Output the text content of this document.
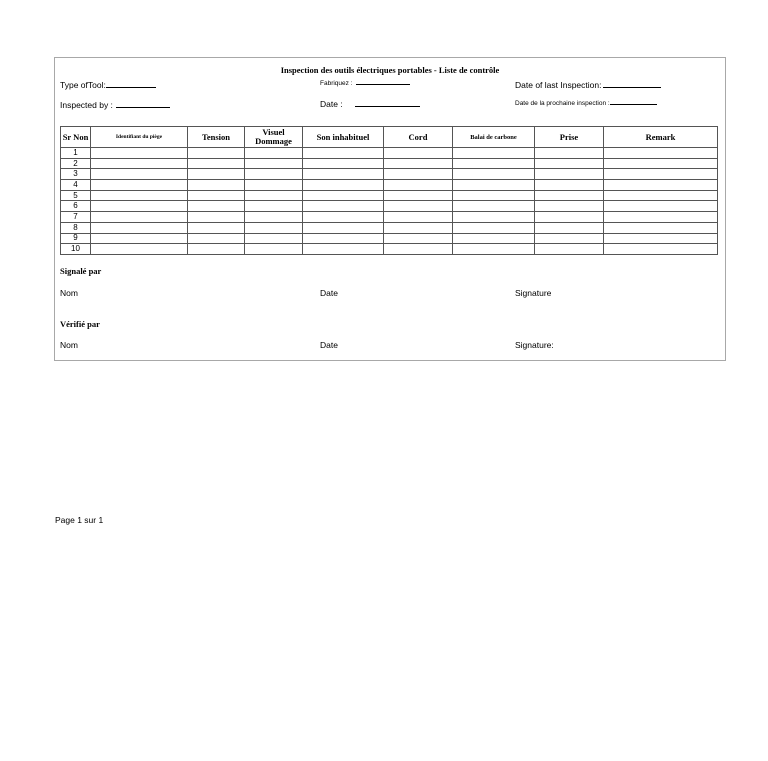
Inspection des outils électriques portables - Liste de contrôle
Type ofTool:	Fabriquez :	Date of last Inspection:
Inspected by :	Date :	Date de la prochaine inspection :
Sr Non	Identifiant du piège	Tension	Visuel Dommage	Son inhabituel	Cord	Balai de carbone	Prise	Remark
1								
2								
3								
4								
5								
6								
7								
8								
9								
10								
Signalé par
Nom	Date	Signature
Vérifié par
Nom	Date	Signature:
Page 1 sur 1
